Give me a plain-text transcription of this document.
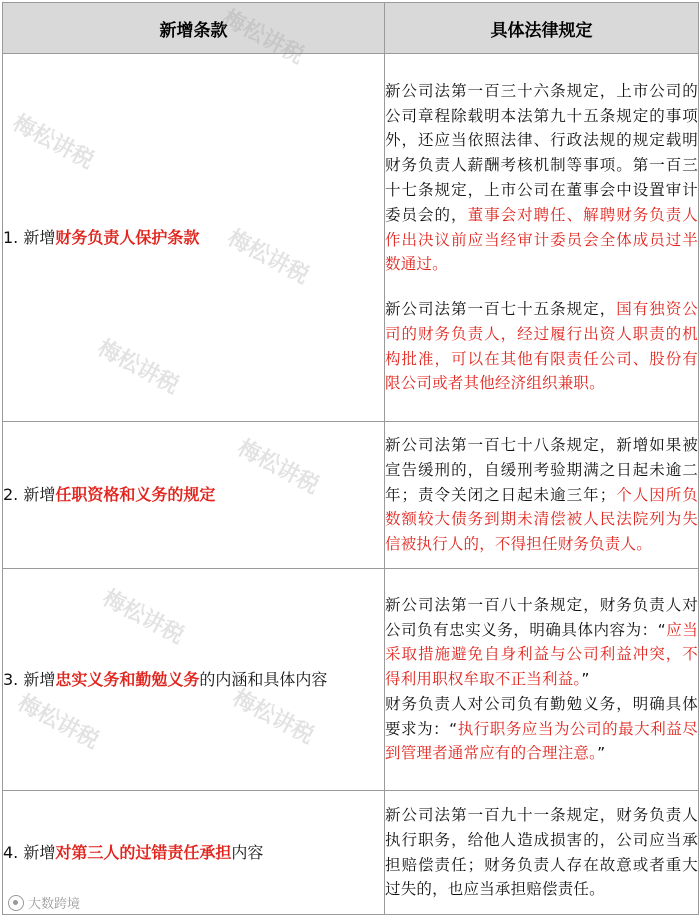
新增条款	具体法律规定
1. 新增财务负责人保护条款	新公司法第一百三十六条规定，上市公司的公司章程除载明本法第九十五条规定的事项外，还应当依照法律、行政法规的规定载明财务负责人薪酬考核机制等事项。第一百三十七条规定，上市公司在董事会中设置审计委员会的，董事会对聘任、解聘财务负责人作出决议前应当经审计委员会全体成员过半数通过。
新公司法第一百七十五条规定，国有独资公司的财务负责人，经过履行出资人职责的机构批准，可以在其他有限责任公司、股份有限公司或者其他经济组织兼职。

2. 新增任职资格和义务的规定	新公司法第一百七十八条规定，新增如果被宣告缓刑的，自缓刑考验期满之日起未逾二年；责令关闭之日起未逾三年；个人因所负数额较大债务到期未清偿被人民法院列为失信被执行人的，不得担任财务负责人。

3. 新增忠实义务和勤勉义务的内涵和具体内容	新公司法第一百八十条规定，财务负责人对公司负有忠实义务，明确具体内容为：“应当采取措施避免自身利益与公司利益冲突，不得利用职权牟取不正当利益。”
财务负责人对公司负有勤勉义务，明确具体要求为：“执行职务应当为公司的最大利益尽到管理者通常应有的合理注意。”

4. 新增对第三人的过错责任承担内容	新公司法第一百九十一条规定，财务负责人执行职务，给他人造成损害的，公司应当承担赔偿责任；财务负责人存在故意或者重大过失的，也应当承担赔偿责任。
梅松讲税
梅松讲税
梅松讲税
梅松讲税
梅松讲税
梅松讲税
梅松讲税
梅松讲税
大数跨境
